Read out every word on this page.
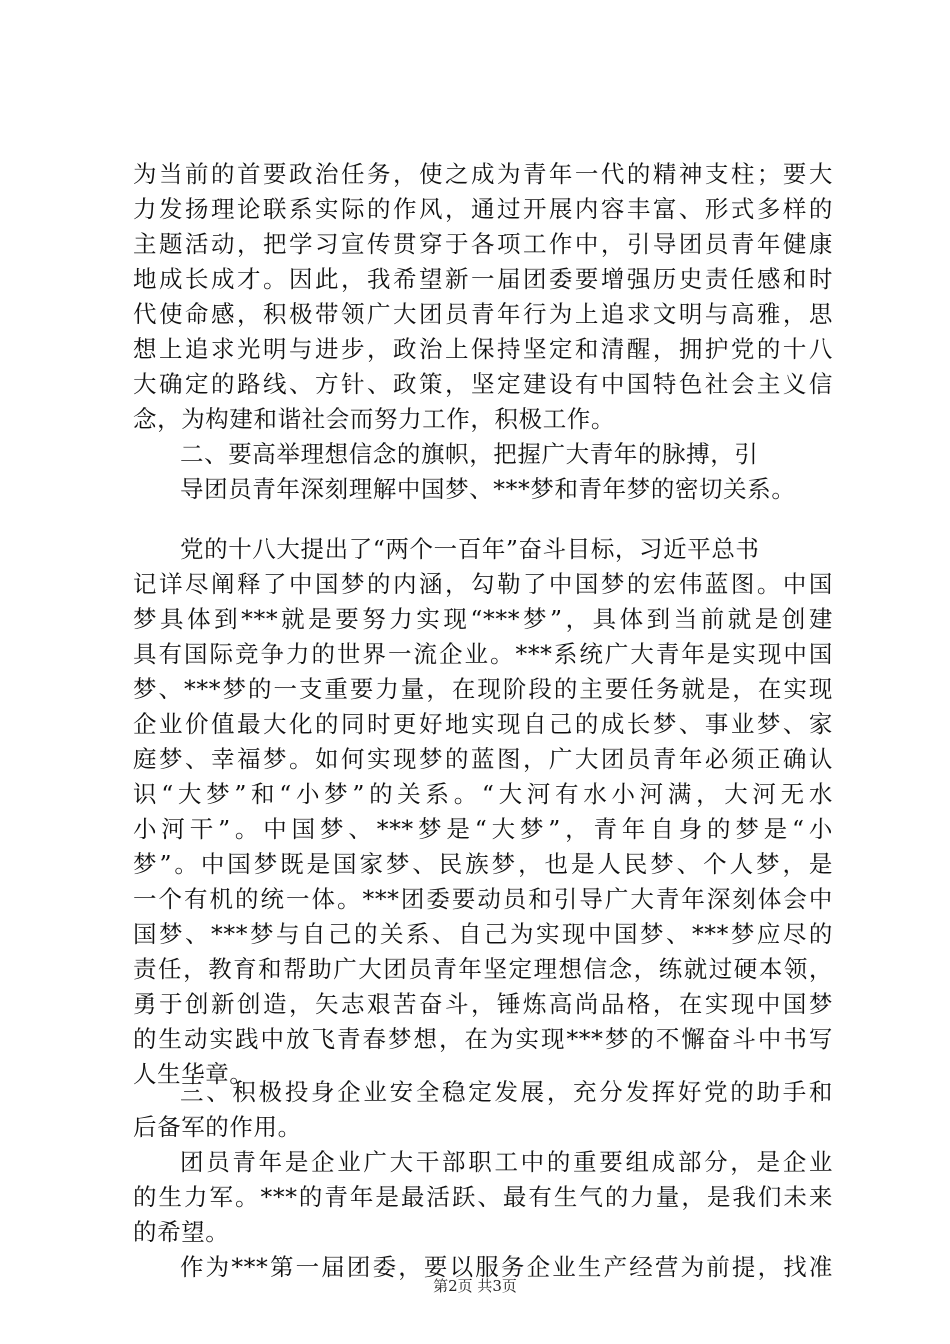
为当前的首要政治任务，使之成为青年一代的精神支柱；要大
力发扬理论联系实际的作风，通过开展内容丰富、形式多样的
主题活动，把学习宣传贯穿于各项工作中，引导团员青年健康
地成长成才。因此，我希望新一届团委要增强历史责任感和时
代使命感，积极带领广大团员青年行为上追求文明与高雅，思
想上追求光明与进步，政治上保持坚定和清醒，拥护党的十八
大确定的路线、方针、政策，坚定建设有中国特色社会主义信
念，为构建和谐社会而努力工作，积极工作。
二、要高举理想信念的旗帜，把握广大青年的脉搏，引
导团员青年深刻理解中国梦、***梦和青年梦的密切关系。
党的十八大提出了“两个一百年”奋斗目标，习近平总书
记详尽阐释了中国梦的内涵，勾勒了中国梦的宏伟蓝图。中国
梦具体到***就是要努力实现“***梦”，具体到当前就是创建
具有国际竞争力的世界一流企业。***系统广大青年是实现中国
梦、***梦的一支重要力量，在现阶段的主要任务就是，在实现
企业价值最大化的同时更好地实现自己的成长梦、事业梦、家
庭梦、幸福梦。如何实现梦的蓝图，广大团员青年必须正确认
识“大梦”和“小梦”的关系。“大河有水小河满，大河无水
小河干”。中国梦、***梦是“大梦”，青年自身的梦是“小
梦”。中国梦既是国家梦、民族梦，也是人民梦、个人梦，是
一个有机的统一体。***团委要动员和引导广大青年深刻体会中
国梦、***梦与自己的关系、自己为实现中国梦、***梦应尽的
责任，教育和帮助广大团员青年坚定理想信念，练就过硬本领，
勇于创新创造，矢志艰苦奋斗，锤炼高尚品格，在实现中国梦
的生动实践中放飞青春梦想，在为实现***梦的不懈奋斗中书写
人生华章。
三、积极投身企业安全稳定发展，充分发挥好党的助手和
后备军的作用。
团员青年是企业广大干部职工中的重要组成部分，是企业
的生力军。***的青年是最活跃、最有生气的力量，是我们未来
的希望。
作为***第一届团委，要以服务企业生产经营为前提，找准
第2页 共3页
